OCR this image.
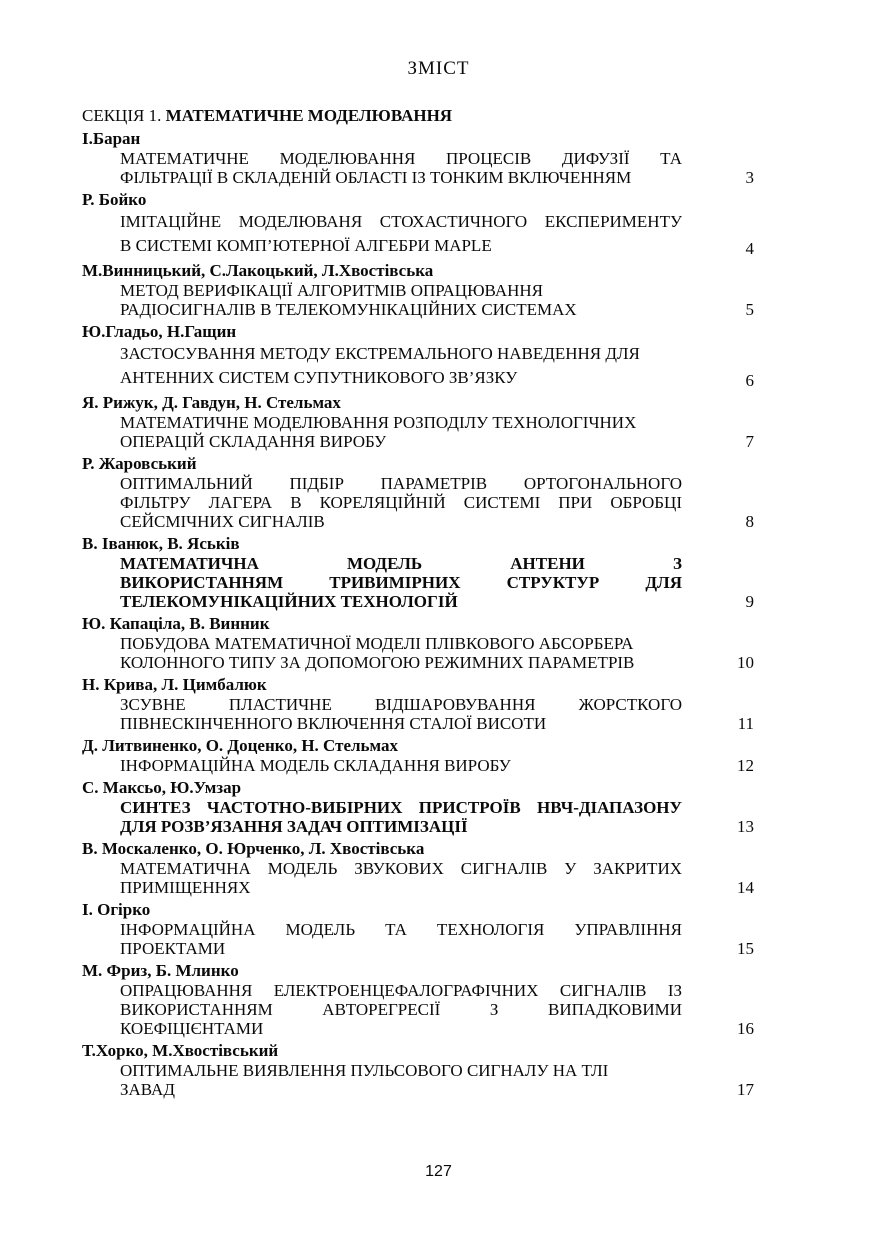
ЗМІСТ
СЕКЦІЯ 1. МАТЕМАТИЧНЕ МОДЕЛЮВАННЯ
І.Баран
МАТЕМАТИЧНЕ МОДЕЛЮВАННЯ ПРОЦЕСІВ ДИФУЗІЇ ТА
ФІЛЬТРАЦІЇ В СКЛАДЕНІЙ ОБЛАСТІ ІЗ ТОНКИМ ВКЛЮЧЕННЯМ	3
Р. Бойко
ІМІТАЦІЙНЕ МОДЕЛЮВАНЯ СТОХАСТИЧНОГО ЕКСПЕРИМЕНТУ
В СИСТЕМІ КОМП’ЮТЕРНОЇ АЛГЕБРИ MAPLE	4
М.Винницький, С.Лакоцький, Л.Хвостівська
МЕТОД ВЕРИФІКАЦІЇ АЛГОРИТМІВ ОПРАЦЮВАННЯ
РАДІОСИГНАЛІВ В ТЕЛЕКОМУНІКАЦІЙНИХ СИСТЕМАХ	5
Ю.Гладьо, Н.Гащин
ЗАСТОСУВАННЯ МЕТОДУ ЕКСТРЕМАЛЬНОГО НАВЕДЕННЯ ДЛЯ
АНТЕННИХ СИСТЕМ СУПУТНИКОВОГО ЗВ’ЯЗКУ	6
Я. Рижук, Д. Гавдун, Н. Стельмах
МАТЕМАТИЧНЕ МОДЕЛЮВАННЯ РОЗПОДІЛУ ТЕХНОЛОГІЧНИХ
ОПЕРАЦІЙ СКЛАДАННЯ ВИРОБУ	7
Р. Жаровський
ОПТИМАЛЬНИЙ ПІДБІР ПАРАМЕТРІВ ОРТОГОНАЛЬНОГО
ФІЛЬТРУ ЛАГЕРА В КОРЕЛЯЦІЙНІЙ СИСТЕМІ ПРИ ОБРОБЦІ
СЕЙСМІЧНИХ СИГНАЛІВ	8
В. Іванюк, В. Яськів
МАТЕМАТИЧНА МОДЕЛЬ АНТЕНИ З
ВИКОРИСТАННЯМ ТРИВИМІРНИХ СТРУКТУР ДЛЯ
ТЕЛЕКОМУНІКАЦІЙНИХ ТЕХНОЛОГІЙ	9
Ю. Капаціла, В. Винник
ПОБУДОВА МАТЕМАТИЧНОЇ МОДЕЛІ ПЛІВКОВОГО АБСОРБЕРА
КОЛОННОГО ТИПУ ЗА ДОПОМОГОЮ РЕЖИМНИХ ПАРАМЕТРІВ	10
Н. Крива, Л. Цимбалюк
ЗСУВНЕ ПЛАСТИЧНЕ ВІДШАРОВУВАННЯ ЖОРСТКОГО
ПІВНЕСКІНЧЕННОГО ВКЛЮЧЕННЯ СТАЛОЇ ВИСОТИ	11
Д. Литвиненко, О. Доценко, Н. Стельмах
ІНФОРМАЦІЙНА МОДЕЛЬ СКЛАДАННЯ ВИРОБУ	12
С. Максьо, Ю.Умзар
СИНТЕЗ ЧАСТОТНО-ВИБІРНИХ ПРИСТРОЇВ НВЧ-ДІАПАЗОНУ
ДЛЯ РОЗВ’ЯЗАННЯ ЗАДАЧ ОПТИМІЗАЦІЇ	13
В. Москаленко, О. Юрченко, Л. Хвостівська
МАТЕМАТИЧНА МОДЕЛЬ ЗВУКОВИХ СИГНАЛІВ У ЗАКРИТИХ
ПРИМІЩЕННЯХ	14
І. Огірко
ІНФОРМАЦІЙНА МОДЕЛЬ ТА ТЕХНОЛОГІЯ УПРАВЛІННЯ
ПРОЕКТАМИ	15
М. Фриз, Б. Млинко
ОПРАЦЮВАННЯ ЕЛЕКТРОЕНЦЕФАЛОГРАФІЧНИХ СИГНАЛІВ ІЗ
ВИКОРИСТАННЯМ АВТОРЕГРЕСІЇ З ВИПАДКОВИМИ
КОЕФІЦІЄНТАМИ	16
Т.Хорко, М.Хвостівський
ОПТИМАЛЬНЕ ВИЯВЛЕННЯ ПУЛЬСОВОГО СИГНАЛУ НА ТЛІ
ЗАВАД	17
127
